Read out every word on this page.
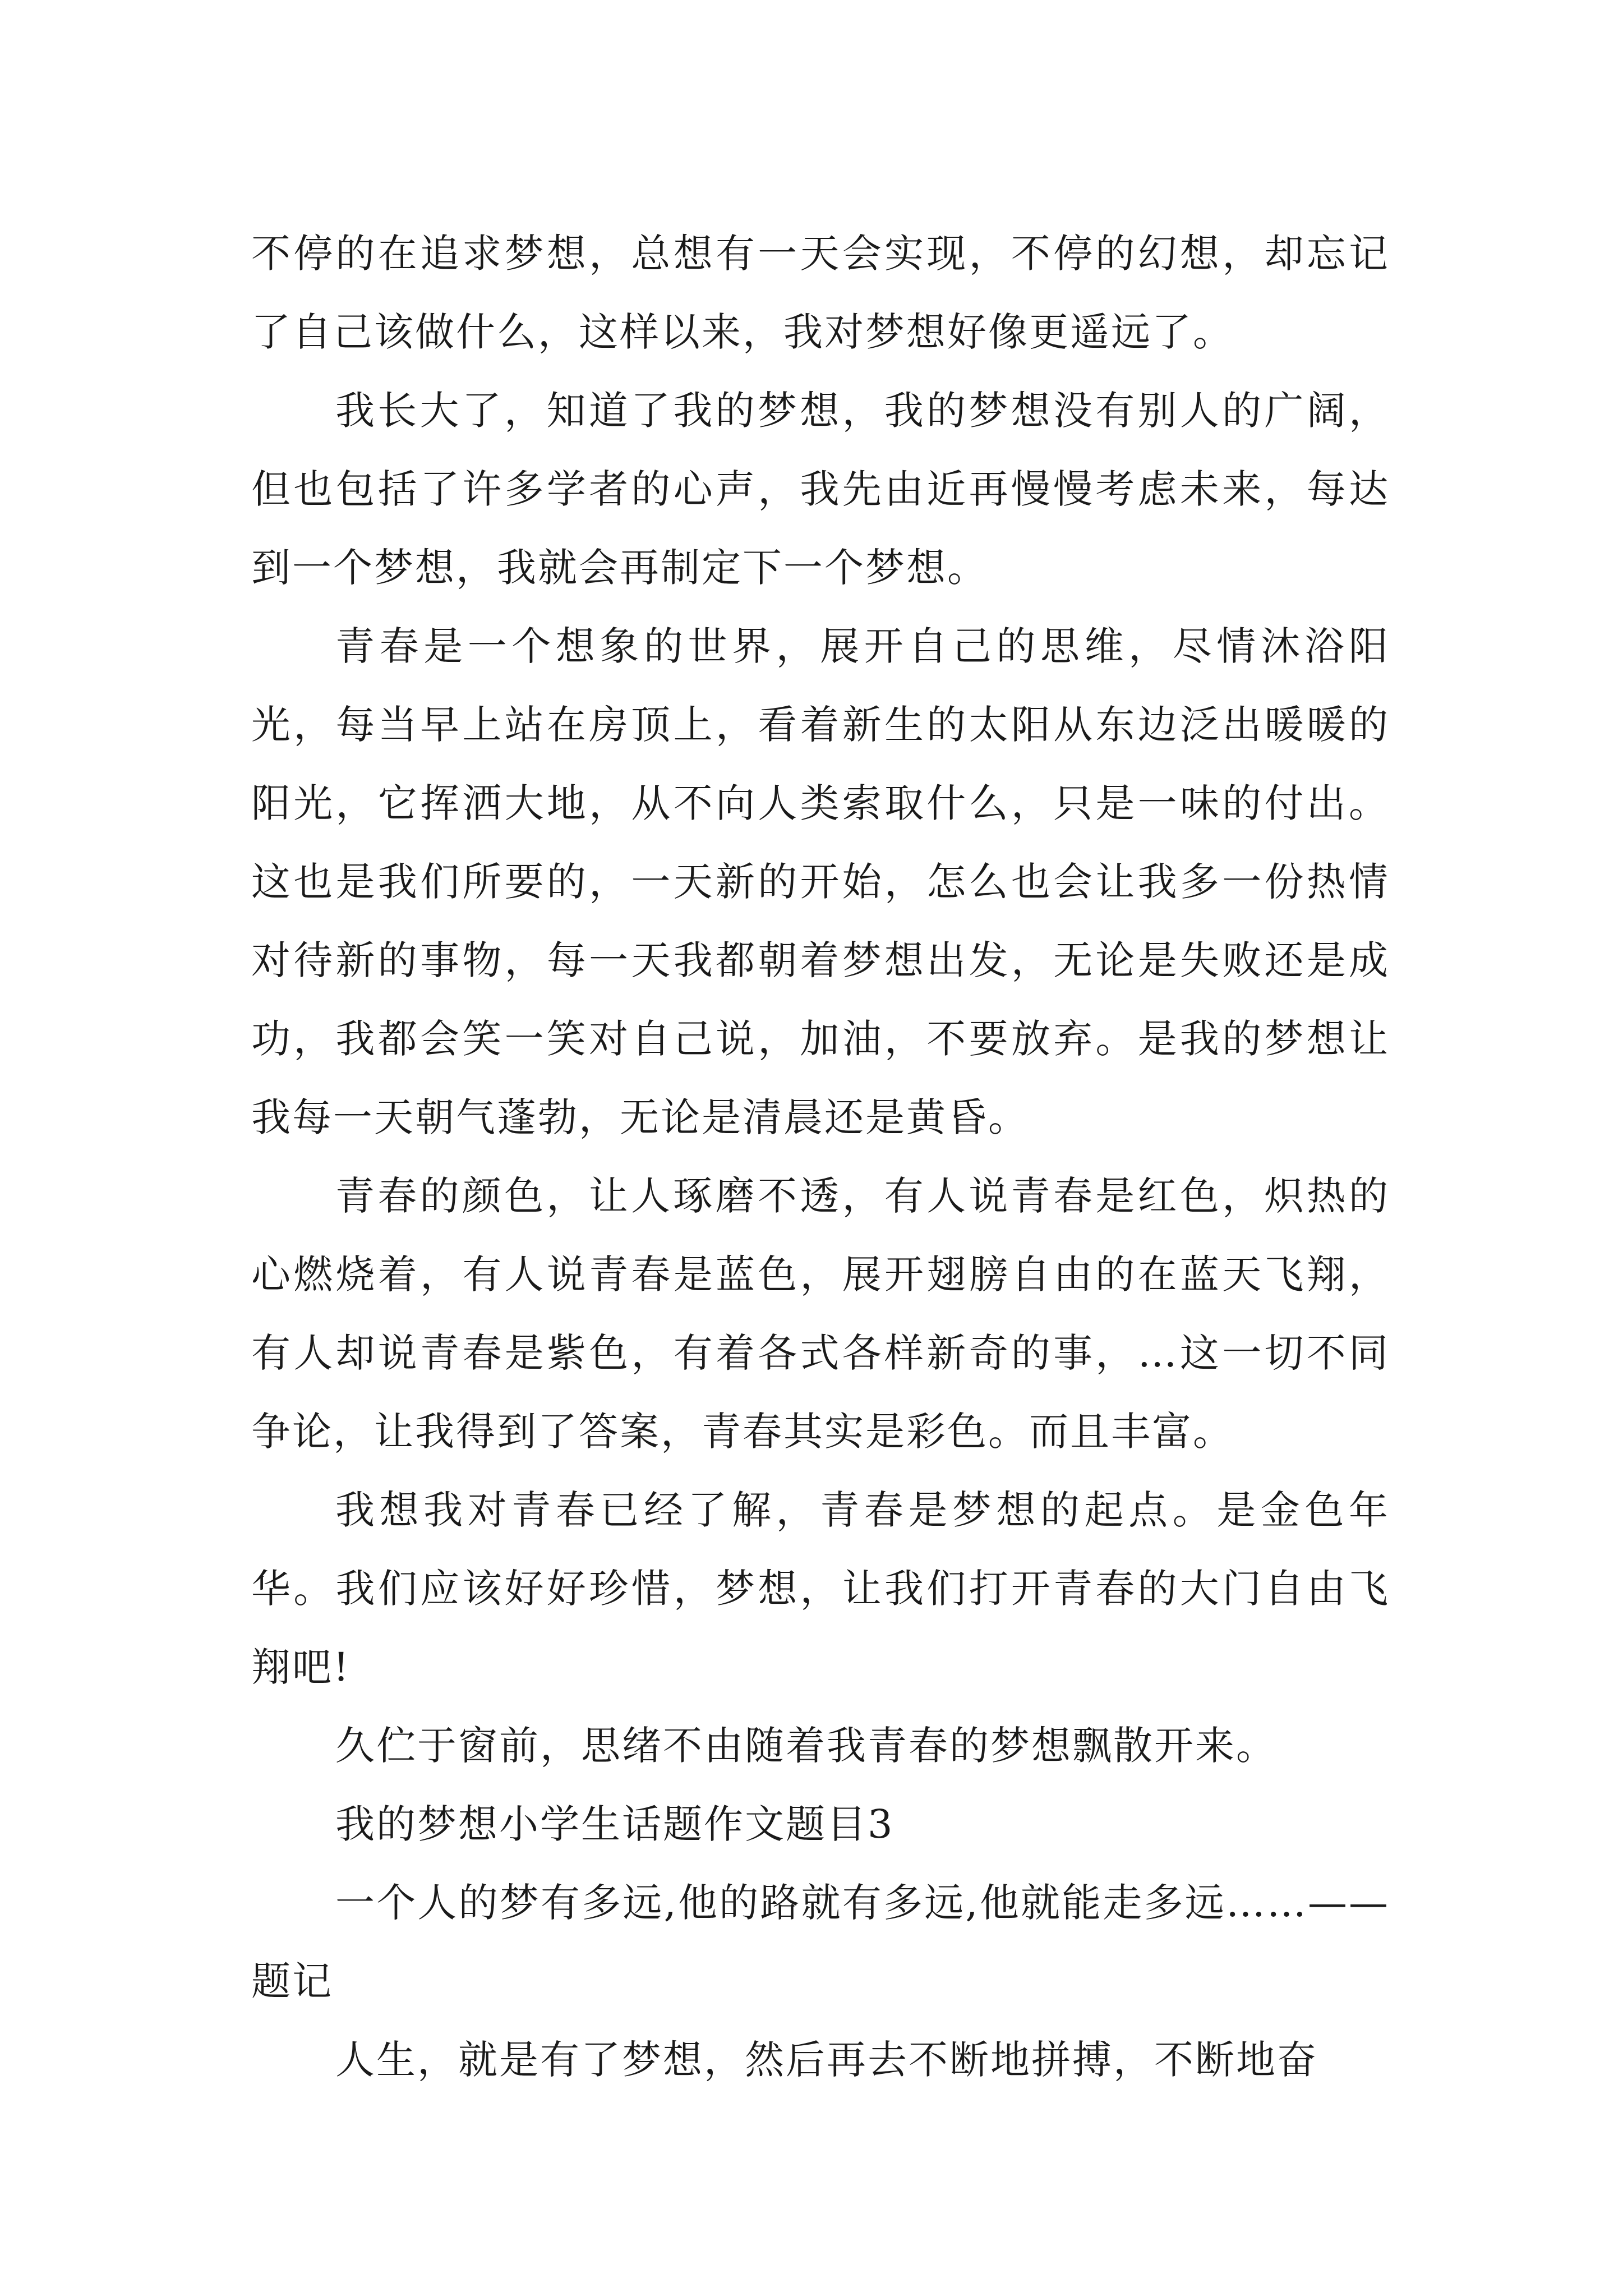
不停的在追求梦想，总想有一天会实现，不停的幻想，却忘记了自己该做什么，这样以来，我对梦想好像更遥远了。

我长大了，知道了我的梦想，我的梦想没有别人的广阔，但也包括了许多学者的心声，我先由近再慢慢考虑未来，每达到一个梦想，我就会再制定下一个梦想。

青春是一个想象的世界，展开自己的思维，尽情沐浴阳光，每当早上站在房顶上，看着新生的太阳从东边泛出暖暖的阳光，它挥洒大地，从不向人类索取什么，只是一味的付出。这也是我们所要的，一天新的开始，怎么也会让我多一份热情对待新的事物，每一天我都朝着梦想出发，无论是失败还是成功，我都会笑一笑对自己说，加油，不要放弃。是我的梦想让我每一天朝气蓬勃，无论是清晨还是黄昏。

青春的颜色，让人琢磨不透，有人说青春是红色，炽热的心燃烧着，有人说青春是蓝色，展开翅膀自由的在蓝天飞翔，有人却说青春是紫色，有着各式各样新奇的事，…这一切不同争论，让我得到了答案，青春其实是彩色。而且丰富。

我想我对青春已经了解，青春是梦想的起点。是金色年华。我们应该好好珍惜，梦想，让我们打开青春的大门自由飞翔吧!

久伫于窗前，思绪不由随着我青春的梦想飘散开来。

我的梦想小学生话题作文题目3

一个人的梦有多远,他的路就有多远,他就能走多远……——题记

人生，就是有了梦想，然后再去不断地拼搏，不断地奋
